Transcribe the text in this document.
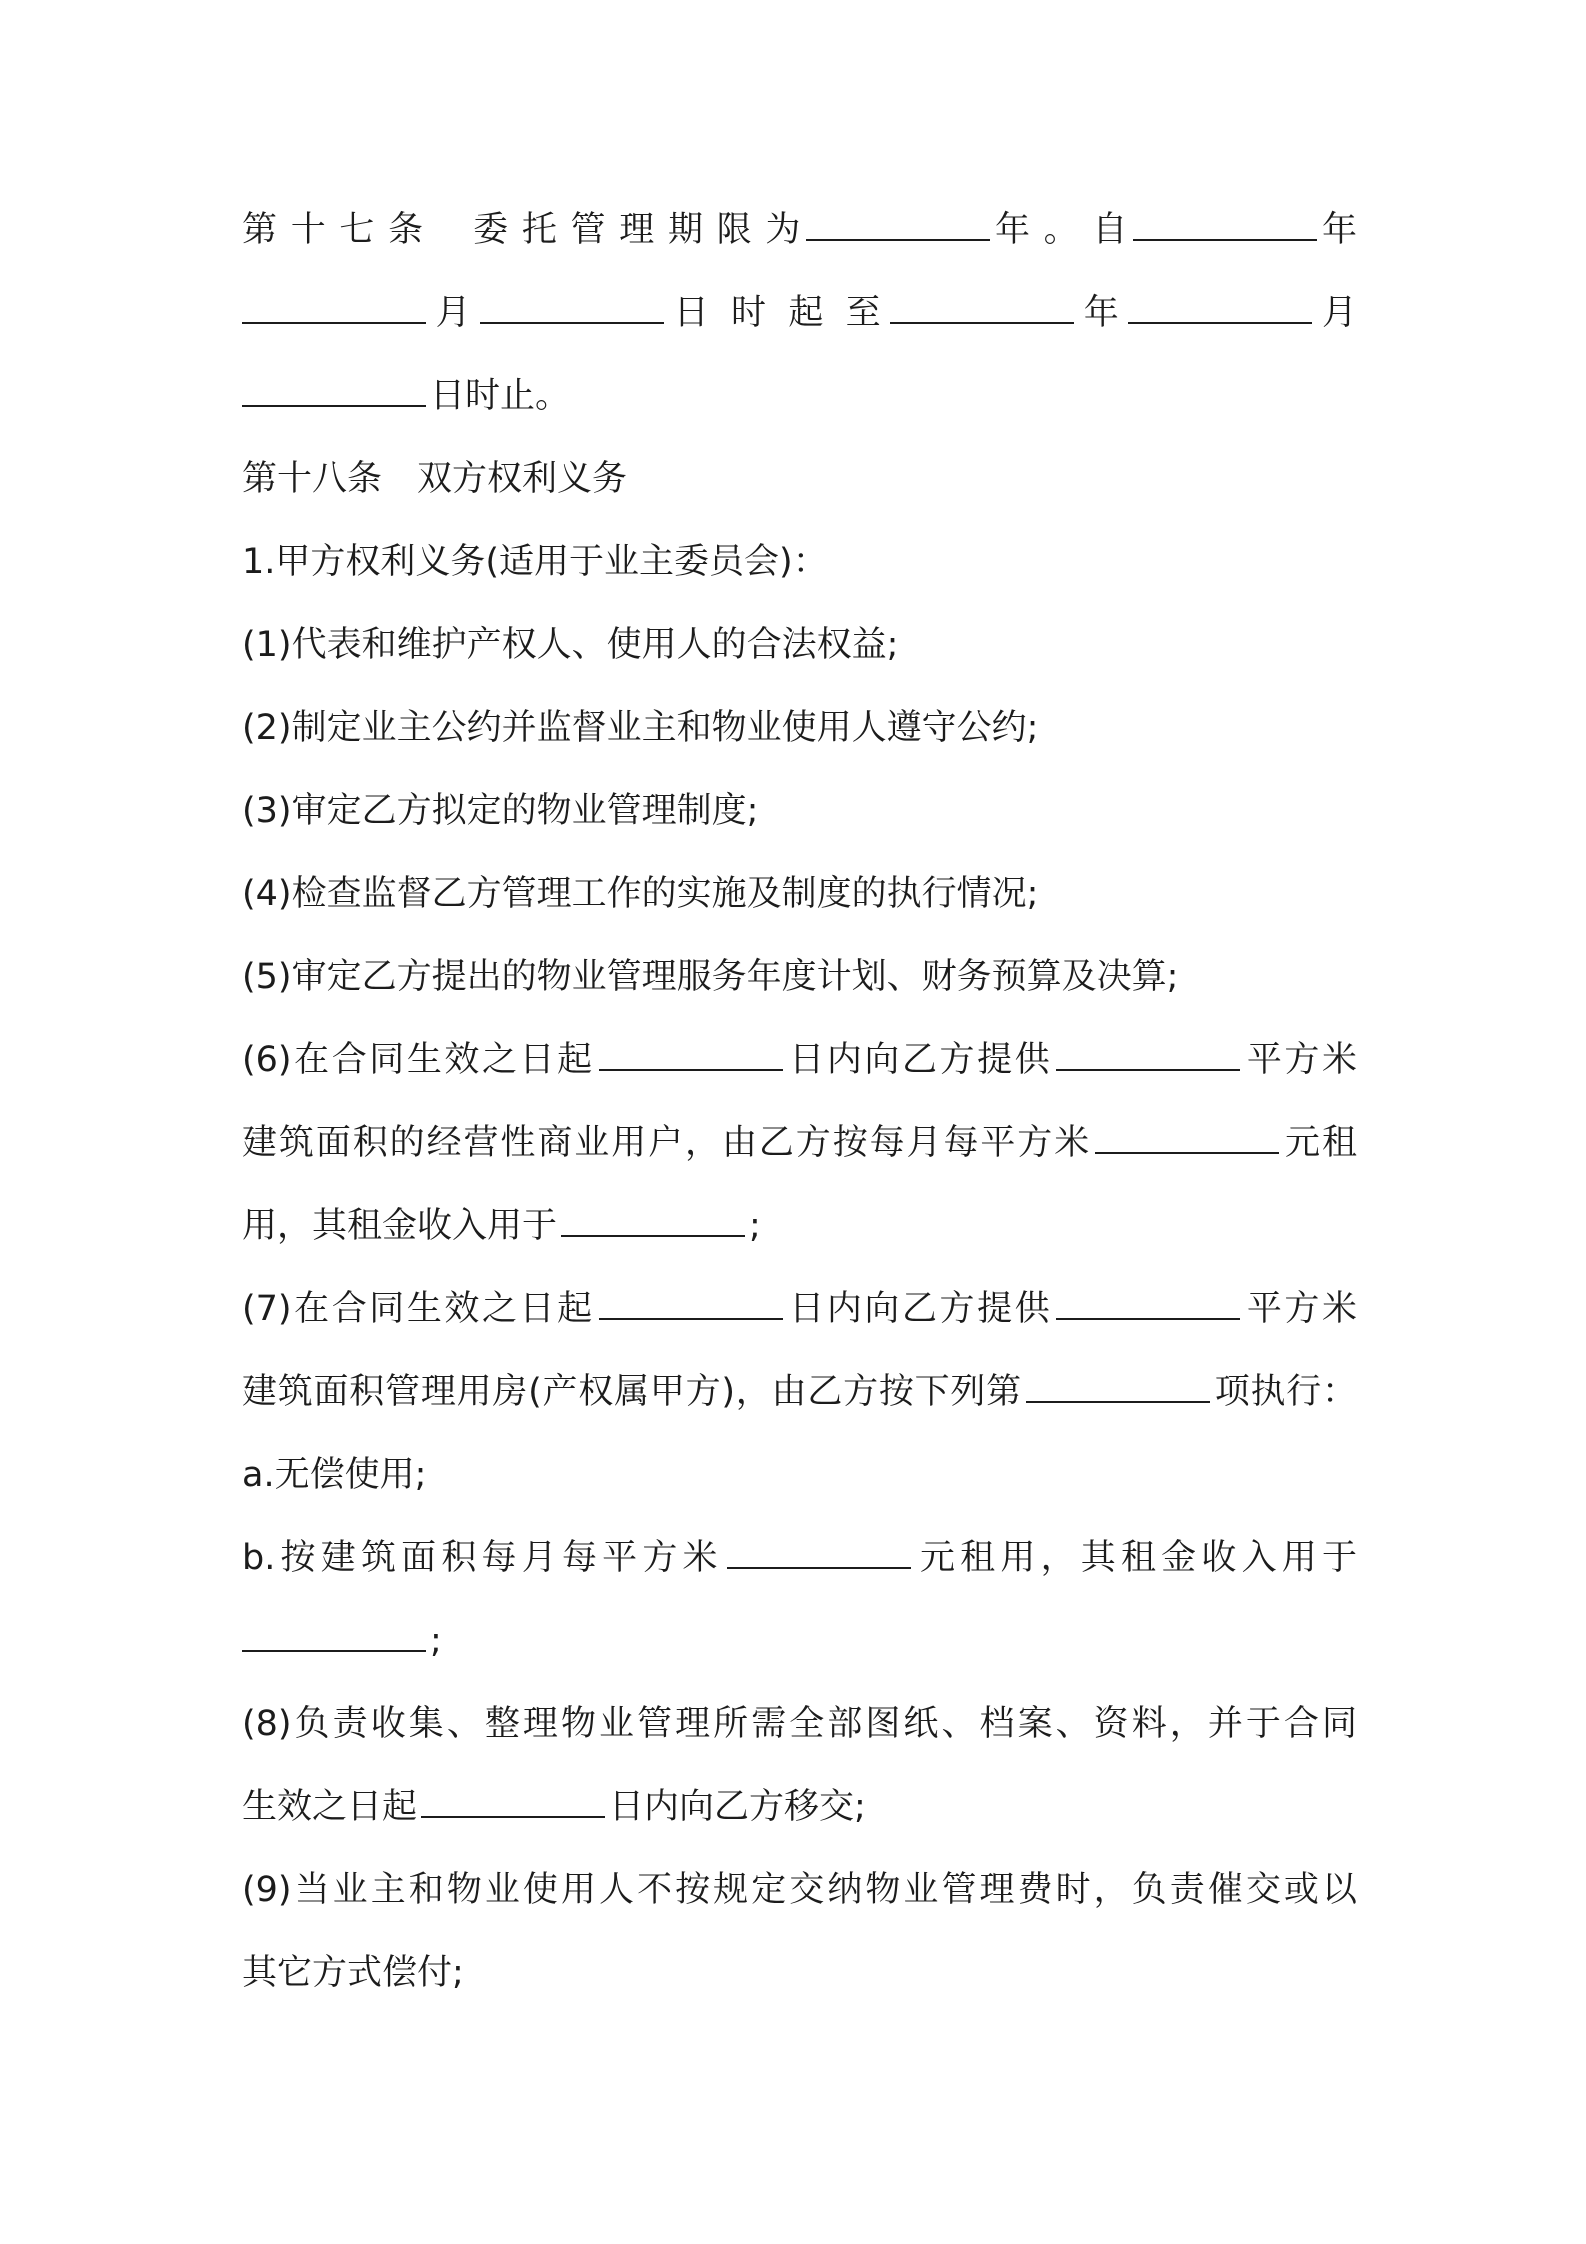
第 十 七 条　 委 托 管 理 期 限 为	年 。 自	年
月	日 时 起 至	年	月
日时止。
第十八条　双方权利义务
1.甲方权利义务(适用于业主委员会)：
(1)代表和维护产权人、使用人的合法权益;
(2)制定业主公约并监督业主和物业使用人遵守公约;
(3)审定乙方拟定的物业管理制度;
(4)检查监督乙方管理工作的实施及制度的执行情况;
(5)审定乙方提出的物业管理服务年度计划、财务预算及决算;
(6)在合同生效之日起	日内向乙方提供	平方米
建筑面积的经营性商业用户，由乙方按每月每平方米	元租
用，其租金收入用于	;
(7)在合同生效之日起	日内向乙方提供	平方米
建筑面积管理用房(产权属甲方)，由乙方按下列第	项执行：
a.无偿使用;
b.按建筑面积每月每平方米	元租用，其租金收入用于
;
(8)负责收集、整理物业管理所需全部图纸、档案、资料，并于合同
生效之日起	日内向乙方移交;
(9)当业主和物业使用人不按规定交纳物业管理费时，负责催交或以
其它方式偿付;
